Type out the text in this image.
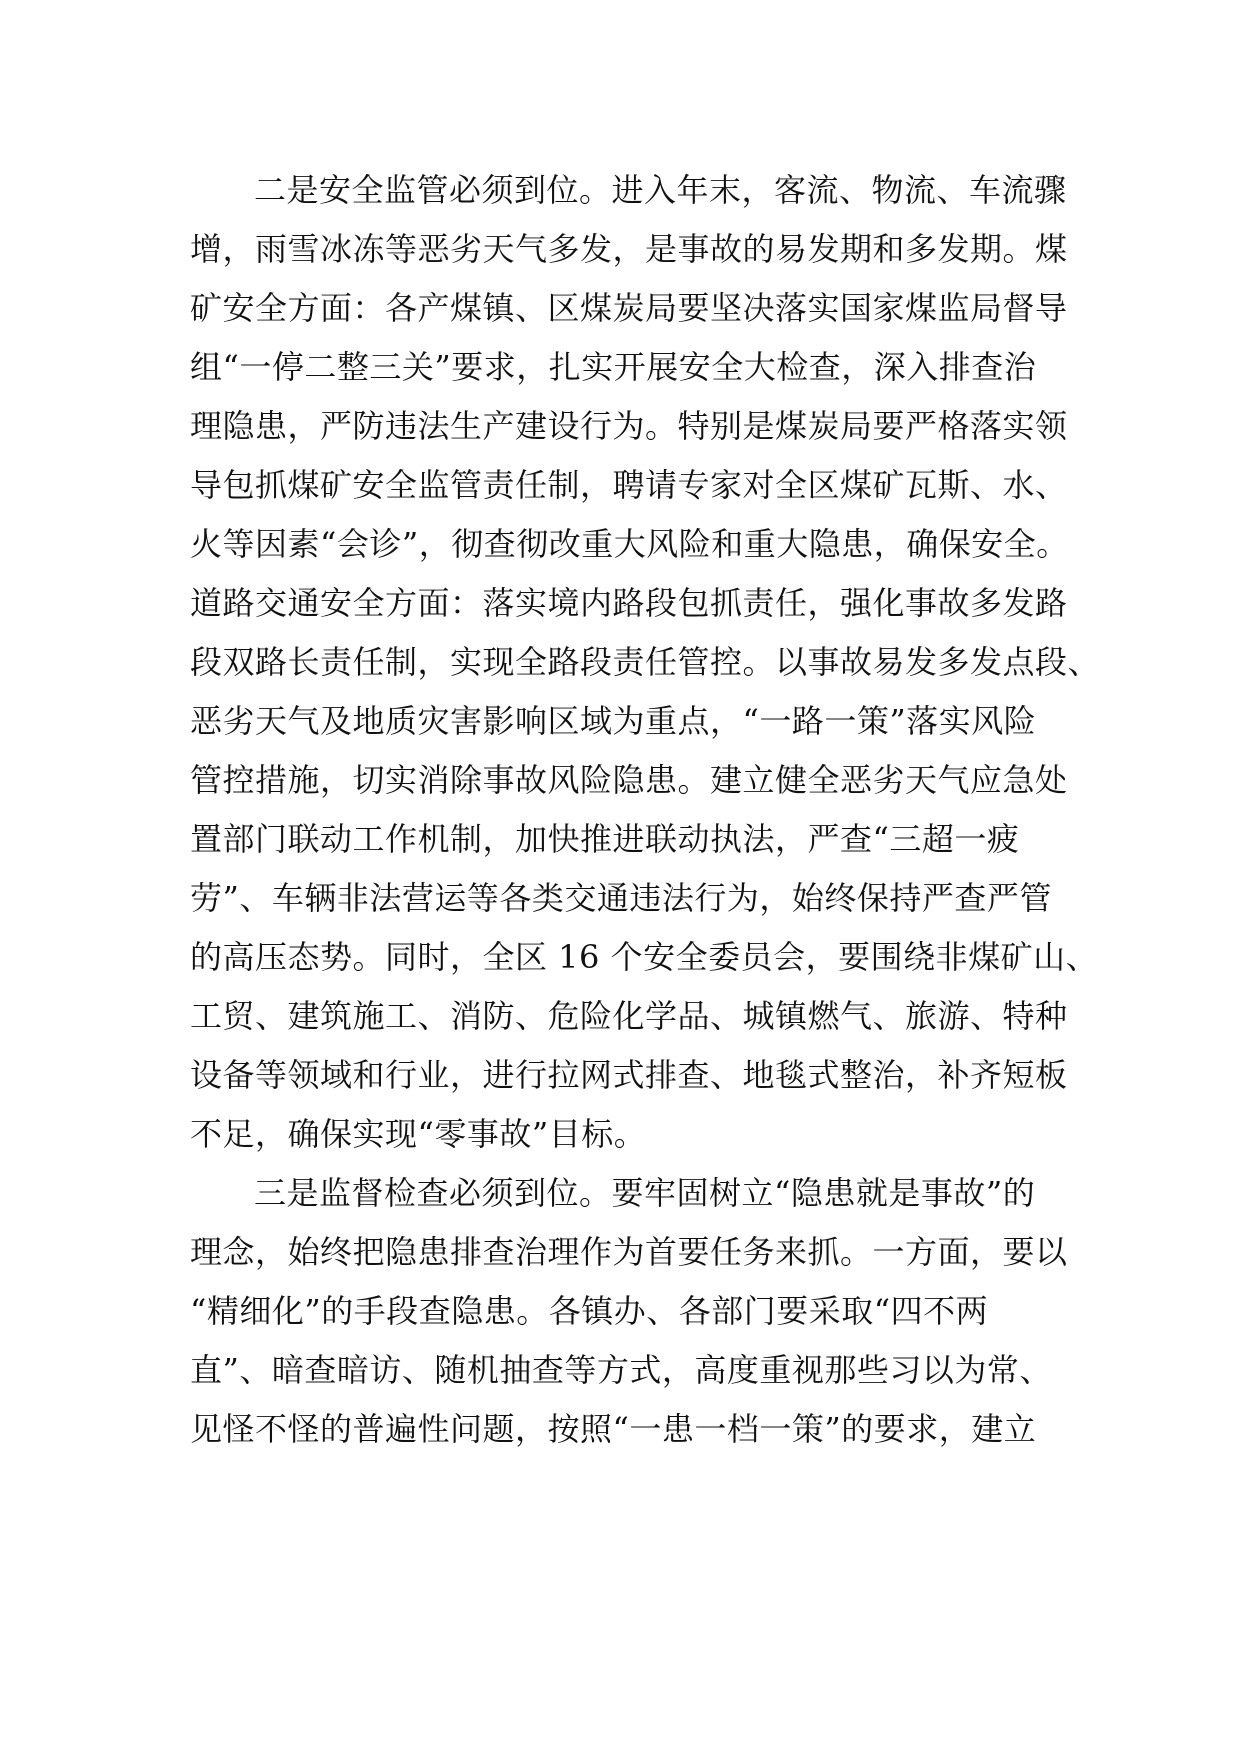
二是安全监管必须到位。进入年末，客流、物流、车流骤
增，雨雪冰冻等恶劣天气多发，是事故的易发期和多发期。煤
矿安全方面：各产煤镇、区煤炭局要坚决落实国家煤监局督导
组“一停二整三关”要求，扎实开展安全大检查，深入排查治
理隐患，严防违法生产建设行为。特别是煤炭局要严格落实领
导包抓煤矿安全监管责任制，聘请专家对全区煤矿瓦斯、水、
火等因素“会诊”，彻查彻改重大风险和重大隐患，确保安全。
道路交通安全方面：落实境内路段包抓责任，强化事故多发路
段双路长责任制，实现全路段责任管控。以事故易发多发点段、
恶劣天气及地质灾害影响区域为重点，“一路一策”落实风险
管控措施，切实消除事故风险隐患。建立健全恶劣天气应急处
置部门联动工作机制，加快推进联动执法，严查“三超一疲
劳”、车辆非法营运等各类交通违法行为，始终保持严查严管
的高压态势。同时，全区 16 个安全委员会，要围绕非煤矿山、
工贸、建筑施工、消防、危险化学品、城镇燃气、旅游、特种
设备等领域和行业，进行拉网式排查、地毯式整治，补齐短板
不足，确保实现“零事故”目标。
三是监督检查必须到位。要牢固树立“隐患就是事故”的
理念，始终把隐患排查治理作为首要任务来抓。一方面，要以
“精细化”的手段查隐患。各镇办、各部门要采取“四不两
直”、暗查暗访、随机抽查等方式，高度重视那些习以为常、
见怪不怪的普遍性问题，按照“一患一档一策”的要求，建立
